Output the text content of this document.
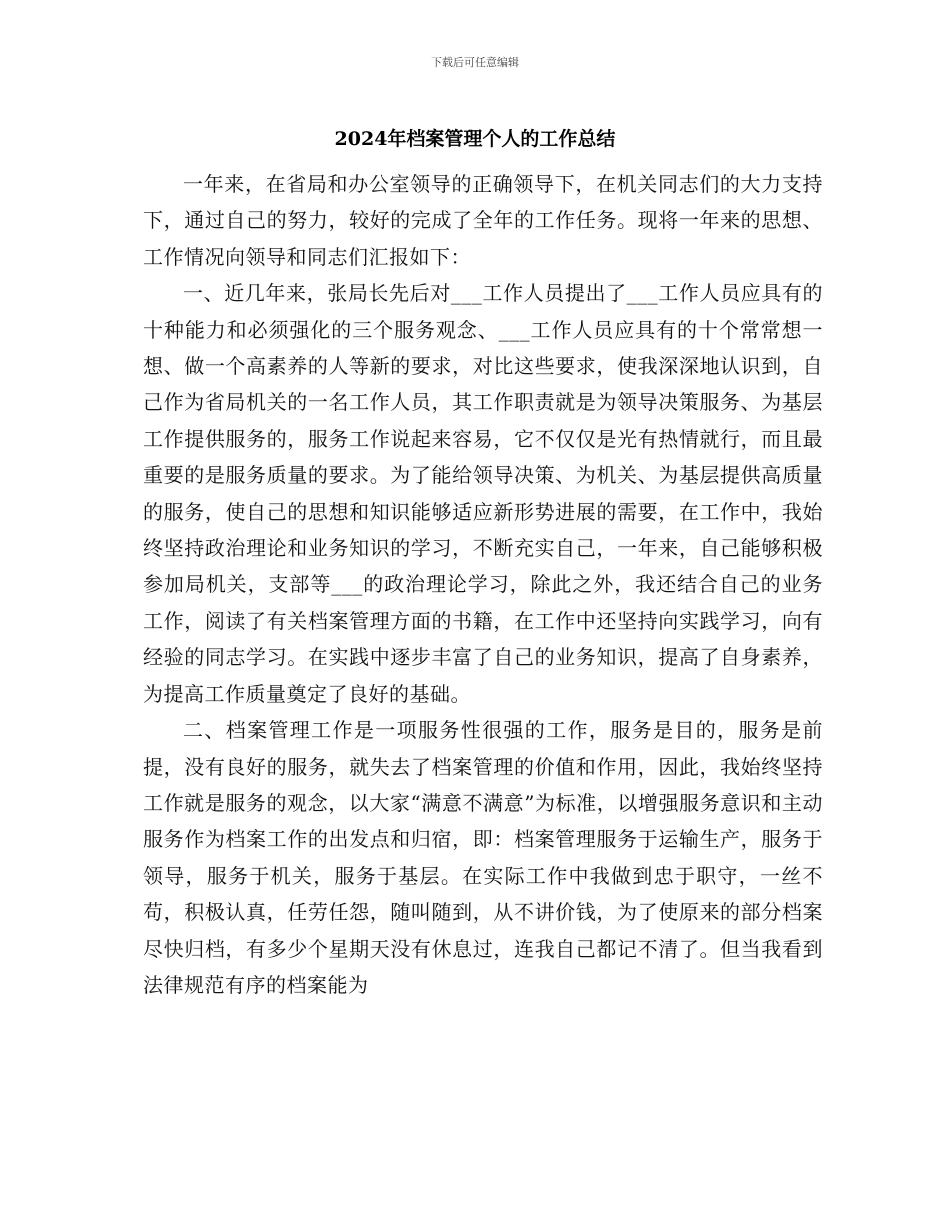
下载后可任意编辑
2024年档案管理个人的工作总结

一年来，在省局和办公室领导的正确领导下，在机关同志们的大力支持下，通过自己的努力，较好的完成了全年的工作任务。现将一年来的思想、工作情况向领导和同志们汇报如下：

一、近几年来，张局长先后对___工作人员提出了___工作人员应具有的十种能力和必须强化的三个服务观念、___工作人员应具有的十个常常想一想、做一个高素养的人等新的要求，对比这些要求，使我深深地认识到，自己作为省局机关的一名工作人员，其工作职责就是为领导决策服务、为基层工作提供服务的，服务工作说起来容易，它不仅仅是光有热情就行，而且最重要的是服务质量的要求。为了能给领导决策、为机关、为基层提供高质量的服务，使自己的思想和知识能够适应新形势进展的需要，在工作中，我始终坚持政治理论和业务知识的学习，不断充实自己，一年来，自己能够积极参加局机关，支部等___的政治理论学习，除此之外，我还结合自己的业务工作，阅读了有关档案管理方面的书籍，在工作中还坚持向实践学习，向有经验的同志学习。在实践中逐步丰富了自己的业务知识，提高了自身素养，为提高工作质量奠定了良好的基础。

二、档案管理工作是一项服务性很强的工作，服务是目的，服务是前提，没有良好的服务，就失去了档案管理的价值和作用，因此，我始终坚持工作就是服务的观念，以大家“满意不满意”为标准，以增强服务意识和主动服务作为档案工作的出发点和归宿，即：档案管理服务于运输生产，服务于领导，服务于机关，服务于基层。在实际工作中我做到忠于职守，一丝不苟，积极认真，任劳任怨，随叫随到，从不讲价钱，为了使原来的部分档案尽快归档，有多少个星期天没有休息过，连我自己都记不清了。但当我看到法律规范有序的档案能为
